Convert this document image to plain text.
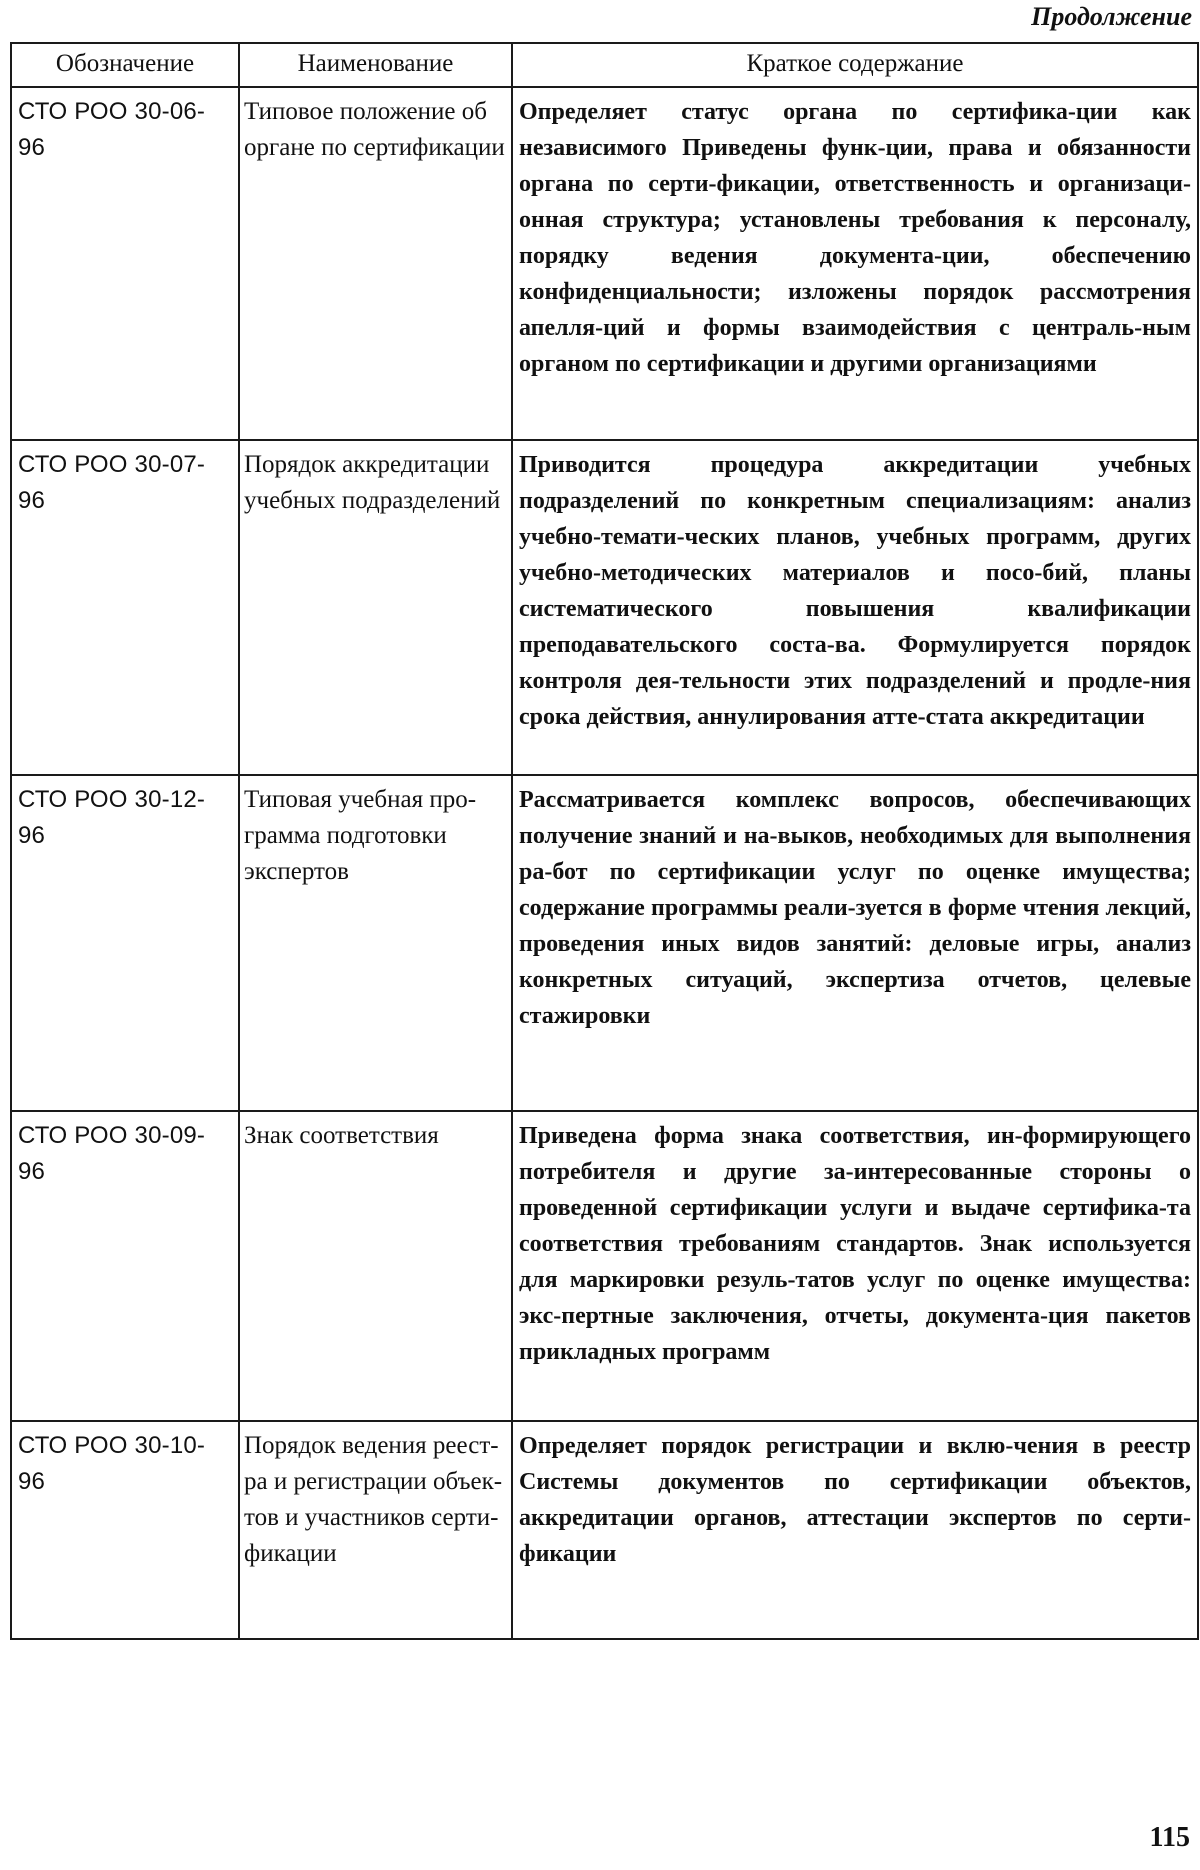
Продолжение
Обозначение	Наименование	Краткое содержание
СТО РОО 30-06-96	Типовое положение об органе по сертификации	Определяет статус органа по сертифика-ции как независимого Приведены функ-ции, права и обязанности органа по серти-фикации, ответственность и организаци-онная структура; установлены требования к персоналу, порядку ведения документа-ции, обеспечению конфиденциальности; изложены порядок рассмотрения апелля-ций и формы взаимодействия с централь-ным органом по сертификации и другими организациями
СТО РОО 30-07-96	Порядок аккредитации учебных подразделений	Приводится процедура аккредитации учебных подразделений по конкретным специализациям: анализ учебно-темати-ческих планов, учебных программ, других учебно-методических материалов и посо-бий, планы систематического повышения квалификации преподавательского соста-ва. Формулируется порядок контроля дея-тельности этих подразделений и продле-ния срока действия, аннулирования атте-стата аккредитации
СТО РОО 30-12-96	Типовая учебная про-грамма подготовки экспертов	Рассматривается комплекс вопросов, обеспечивающих получение знаний и на-выков, необходимых для выполнения ра-бот по сертификации услуг по оценке имущества; содержание программы реали-зуется в форме чтения лекций, проведения иных видов занятий: деловые игры, анализ конкретных ситуаций, экспертиза отчетов, целевые стажировки
СТО РОО 30-09-96	Знак соответствия	Приведена форма знака соответствия, ин-формирующего потребителя и другие за-интересованные стороны о проведенной сертификации услуги и выдаче сертифика-та соответствия требованиям стандартов. Знак используется для маркировки резуль-татов услуг по оценке имущества: экс-пертные заключения, отчеты, документа-ция пакетов прикладных программ
СТО РОО 30-10-96	Порядок ведения реест-ра и регистрации объек-тов и участников серти-фикации	Определяет порядок регистрации и вклю-чения в реестр Системы документов по сертификации объектов, аккредитации органов, аттестации экспертов по серти-фикации
115
